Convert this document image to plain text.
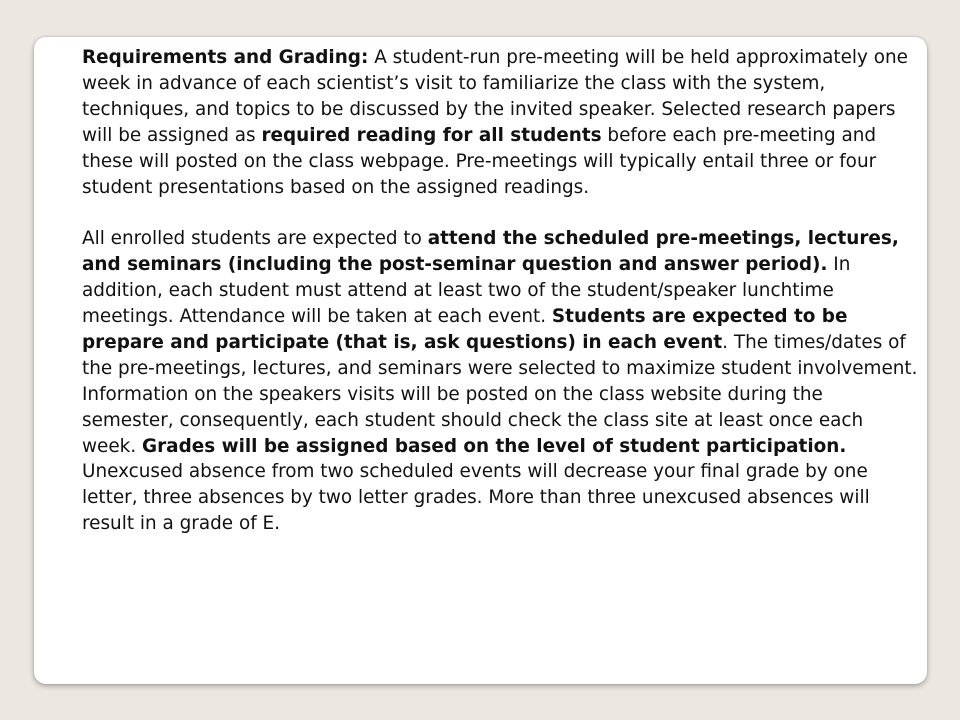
Requirements and Grading: A student-run pre-meeting will be held approximately one week in advance of each scientist’s visit to familiarize the class with the system, techniques, and topics to be discussed by the invited speaker. Selected research papers will be assigned as required reading for all students before each pre-meeting and these will posted on the class webpage. Pre-meetings will typically entail three or four student presentations based on the assigned readings.

All enrolled students are expected to attend the scheduled pre-meetings, lectures, and seminars (including the post-seminar question and answer period). In addition, each student must attend at least two of the student/speaker lunchtime meetings. Attendance will be taken at each event. Students are expected to be prepare and participate (that is, ask questions) in each event. The times/dates of the pre-meetings, lectures, and seminars were selected to maximize student involvement. Information on the speakers visits will be posted on the class website during the semester, consequently, each student should check the class site at least once each week. Grades will be assigned based on the level of student participation. Unexcused absence from two scheduled events will decrease your final grade by one letter, three absences by two letter grades. More than three unexcused absences will result in a grade of E.
